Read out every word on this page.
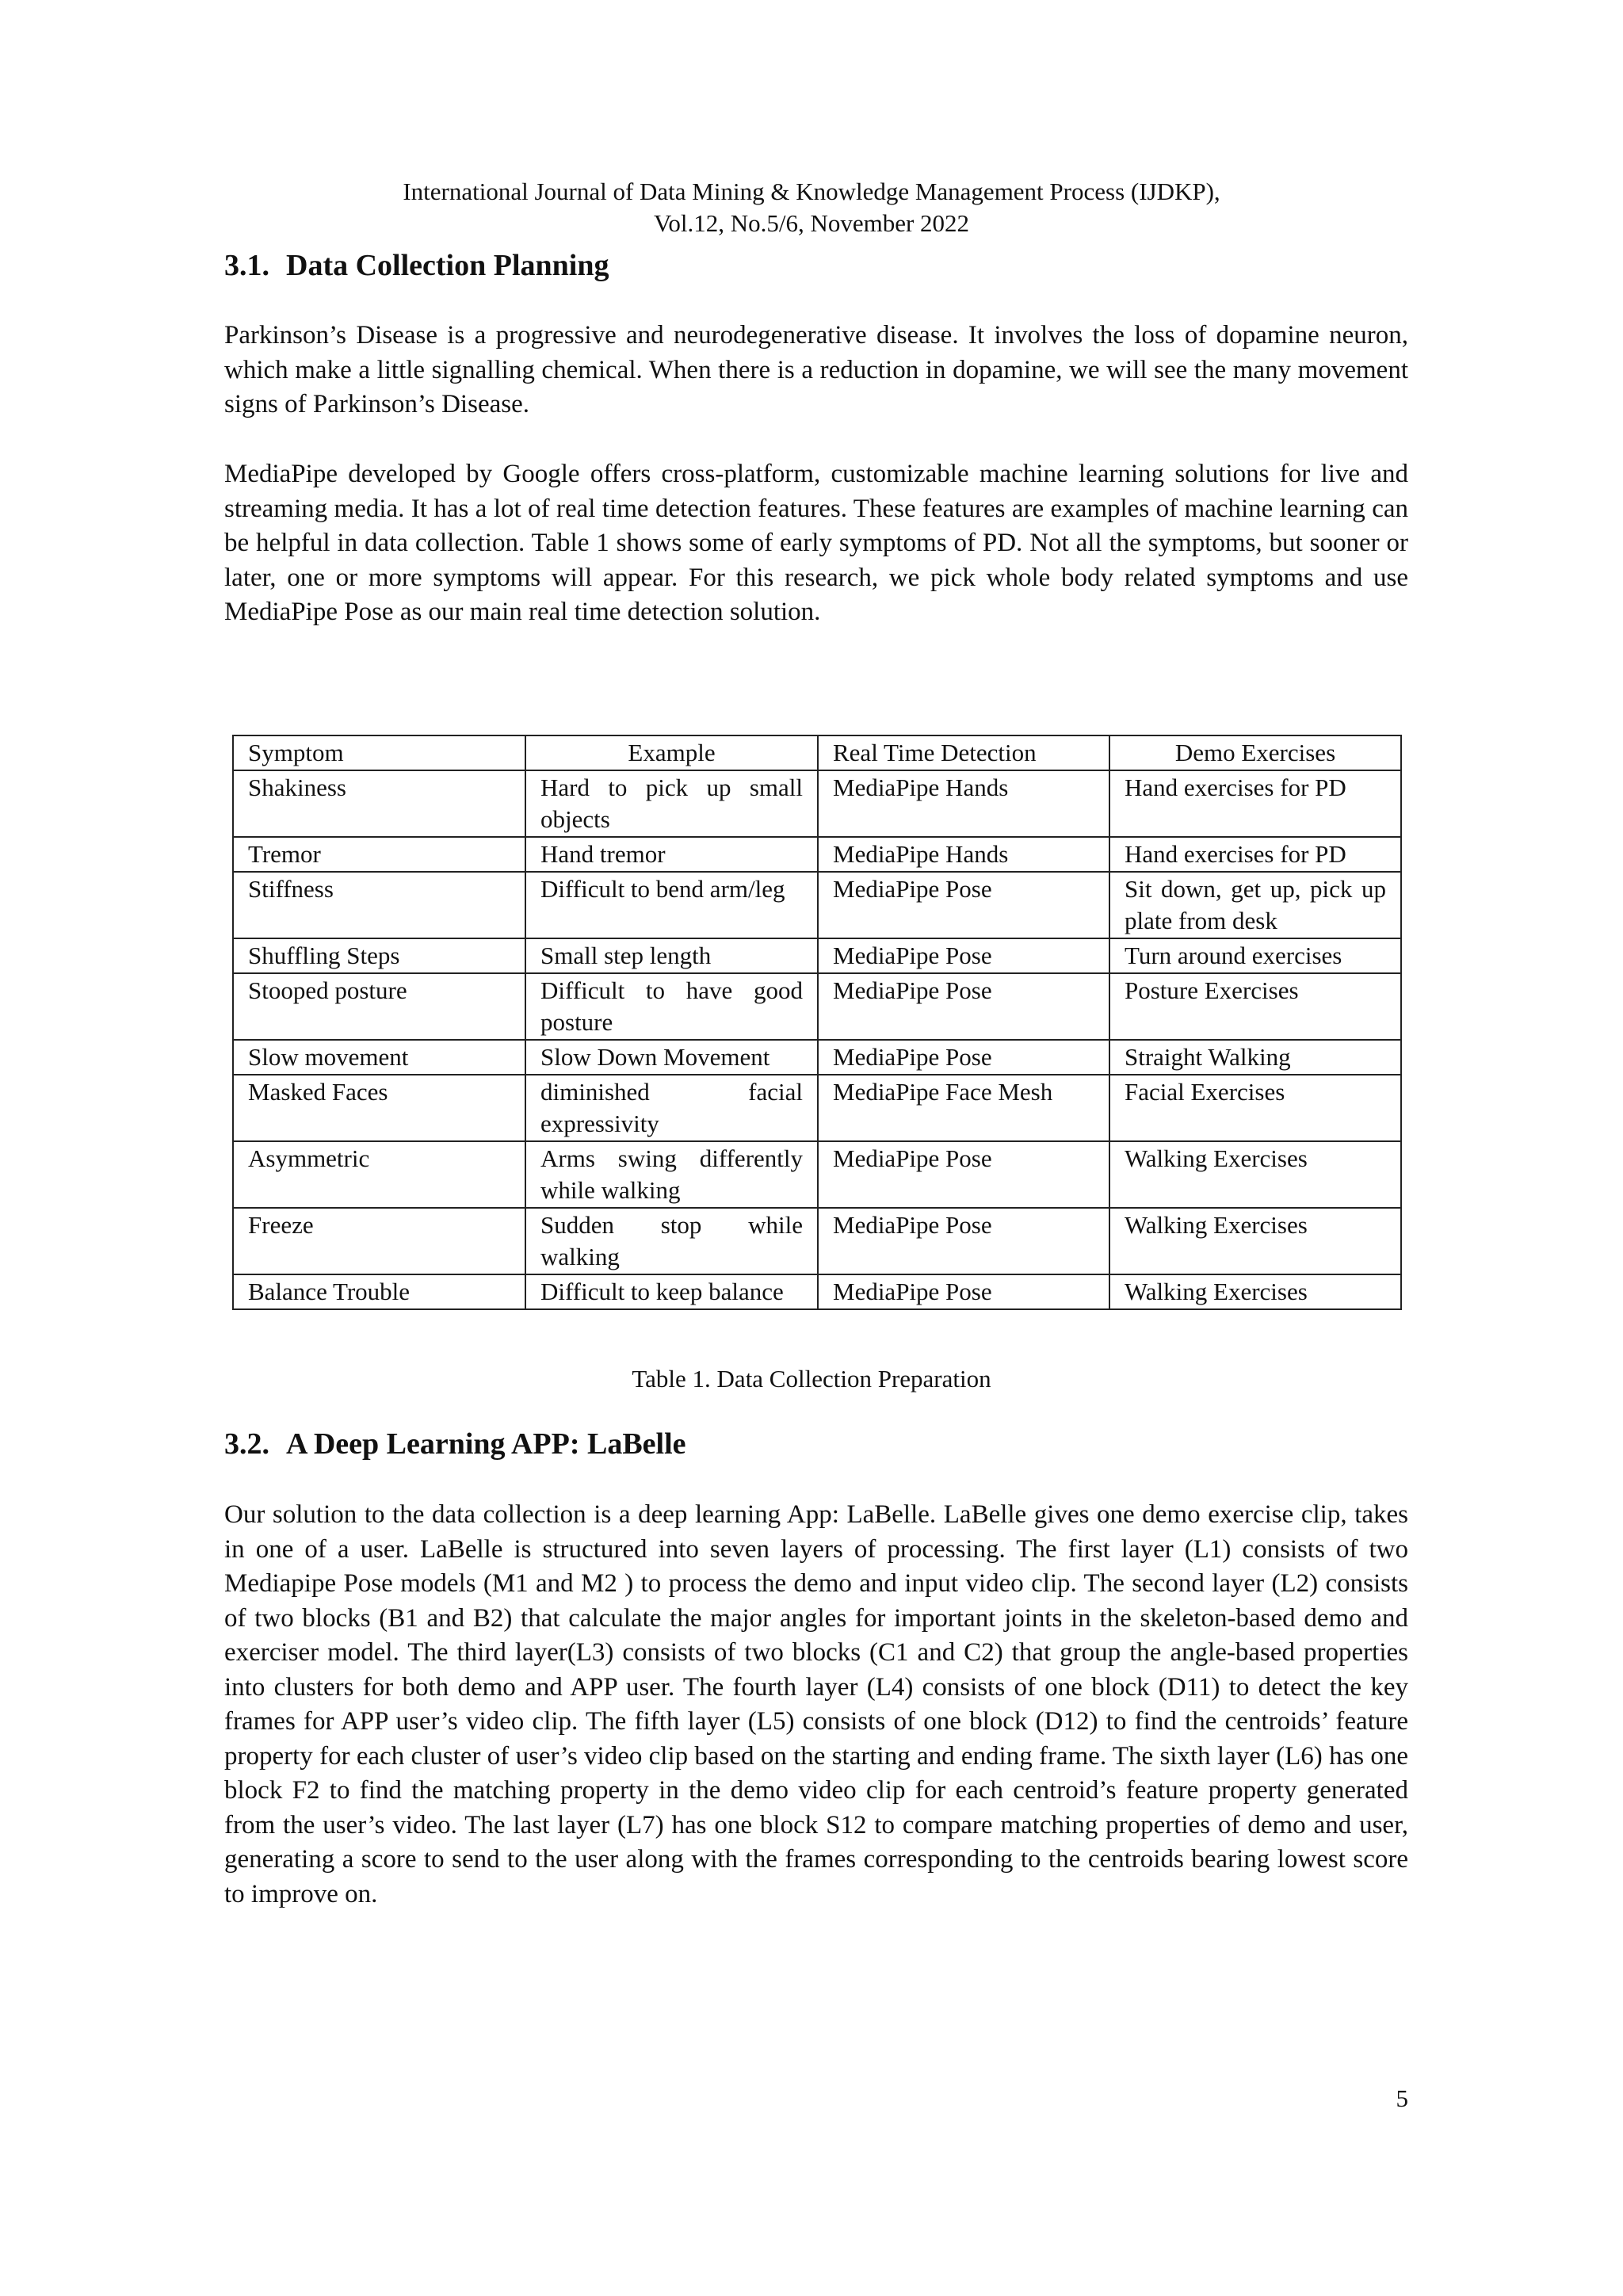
International Journal of Data Mining & Knowledge Management Process (IJDKP),
Vol.12, No.5/6, November 2022
3.1. Data Collection Planning

Parkinson’s Disease is a progressive and neurodegenerative disease. It involves the loss of dopamine neuron, which make a little signalling chemical. When there is a reduction in dopamine, we will see the many movement signs of Parkinson’s Disease.

MediaPipe developed by Google offers cross-platform, customizable machine learning solutions for live and streaming media. It has a lot of real time detection features. These features are examples of machine learning can be helpful in data collection. Table 1 shows some of early symptoms of PD. Not all the symptoms, but sooner or later, one or more symptoms will appear. For this research, we pick whole body related symptoms and use MediaPipe Pose as our main real time detection solution.

Symptom	Example	Real Time Detection	Demo Exercises
Shakiness	Hard to pick up small objects	MediaPipe Hands	Hand exercises for PD
Tremor	Hand tremor	MediaPipe Hands	Hand exercises for PD
Stiffness	Difficult to bend arm/leg	MediaPipe Pose	Sit down, get up, pick up plate from desk
Shuffling Steps	Small step length	MediaPipe Pose	Turn around exercises
Stooped posture	Difficult to have good posture	MediaPipe Pose	Posture Exercises
Slow movement	Slow Down Movement	MediaPipe Pose	Straight Walking
Masked Faces	diminished facial expressivity	MediaPipe Face Mesh	Facial Exercises
Asymmetric	Arms swing differently while walking	MediaPipe Pose	Walking Exercises
Freeze	Sudden stop while walking	MediaPipe Pose	Walking Exercises
Balance Trouble	Difficult to keep balance	MediaPipe Pose	Walking Exercises
Table 1. Data Collection Preparation
3.2. A Deep Learning APP: LaBelle

Our solution to the data collection is a deep learning App: LaBelle. LaBelle gives one demo exercise clip, takes in one of a user. LaBelle is structured into seven layers of processing. The first layer (L1) consists of two Mediapipe Pose models (M1 and M2 ) to process the demo and input video clip. The second layer (L2) consists of two blocks (B1 and B2) that calculate the major angles for important joints in the skeleton-based demo and exerciser model. The third layer(L3) consists of two blocks (C1 and C2) that group the angle-based properties into clusters for both demo and APP user. The fourth layer (L4) consists of one block (D11) to detect the key frames for APP user’s video clip. The fifth layer (L5) consists of one block (D12) to find the centroids’ feature property for each cluster of user’s video clip based on the starting and ending frame. The sixth layer (L6) has one block F2 to find the matching property in the demo video clip for each centroid’s feature property generated from the user’s video. The last layer (L7) has one block S12 to compare matching properties of demo and user, generating a score to send to the user along with the frames corresponding to the centroids bearing lowest score to improve on.

5
